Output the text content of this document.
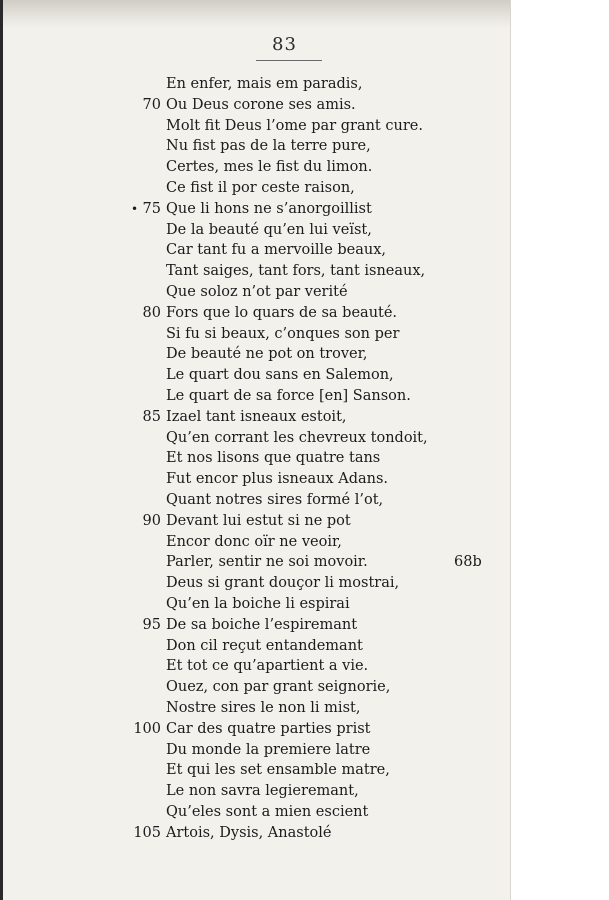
83
En enfer, mais em paradis,
70 Ou Deus corone ses amis.
Molt fit Deus l’ome par grant cure.
Nu fist pas de la terre pure,
Certes, mes le fist du limon.
Ce fist il por ceste raison,
• 75 Que li hons ne s’anorgoillist
De la beauté qu’en lui veïst,
Car tant fu a mervoille beaux,
Tant saiges, tant fors, tant isneaux,
Que soloz n’ot par verité
80 Fors que lo quars de sa beauté.
Si fu si beaux, c’onques son per
De beauté ne pot on trover,
Le quart dou sans en Salemon,
Le quart de sa force [en] Sanson.
85 Izael tant isneaux estoit,
Qu’en corrant les chevreux tondoit,
Et nos lisons que quatre tans
Fut encor plus isneaux Adans.
Quant notres sires formé l’ot,
90 Devant lui estut si ne pot
Encor donc oïr ne veoir,
Parler, sentir ne soi movoir.	68b
Deus si grant douçor li mostrai,
Qu’en la boiche li espirai
95 De sa boiche l’espiremant
Don cil reçut entandemant
Et tot ce qu’apartient a vie.
Ouez, con par grant seignorie,
Nostre sires le non li mist,
100 Car des quatre parties prist
Du monde la premiere latre
Et qui les set ensamble matre,
Le non savra legieremant,
Qu’eles sont a mien escient
105 Artois, Dysis, Anastolé
